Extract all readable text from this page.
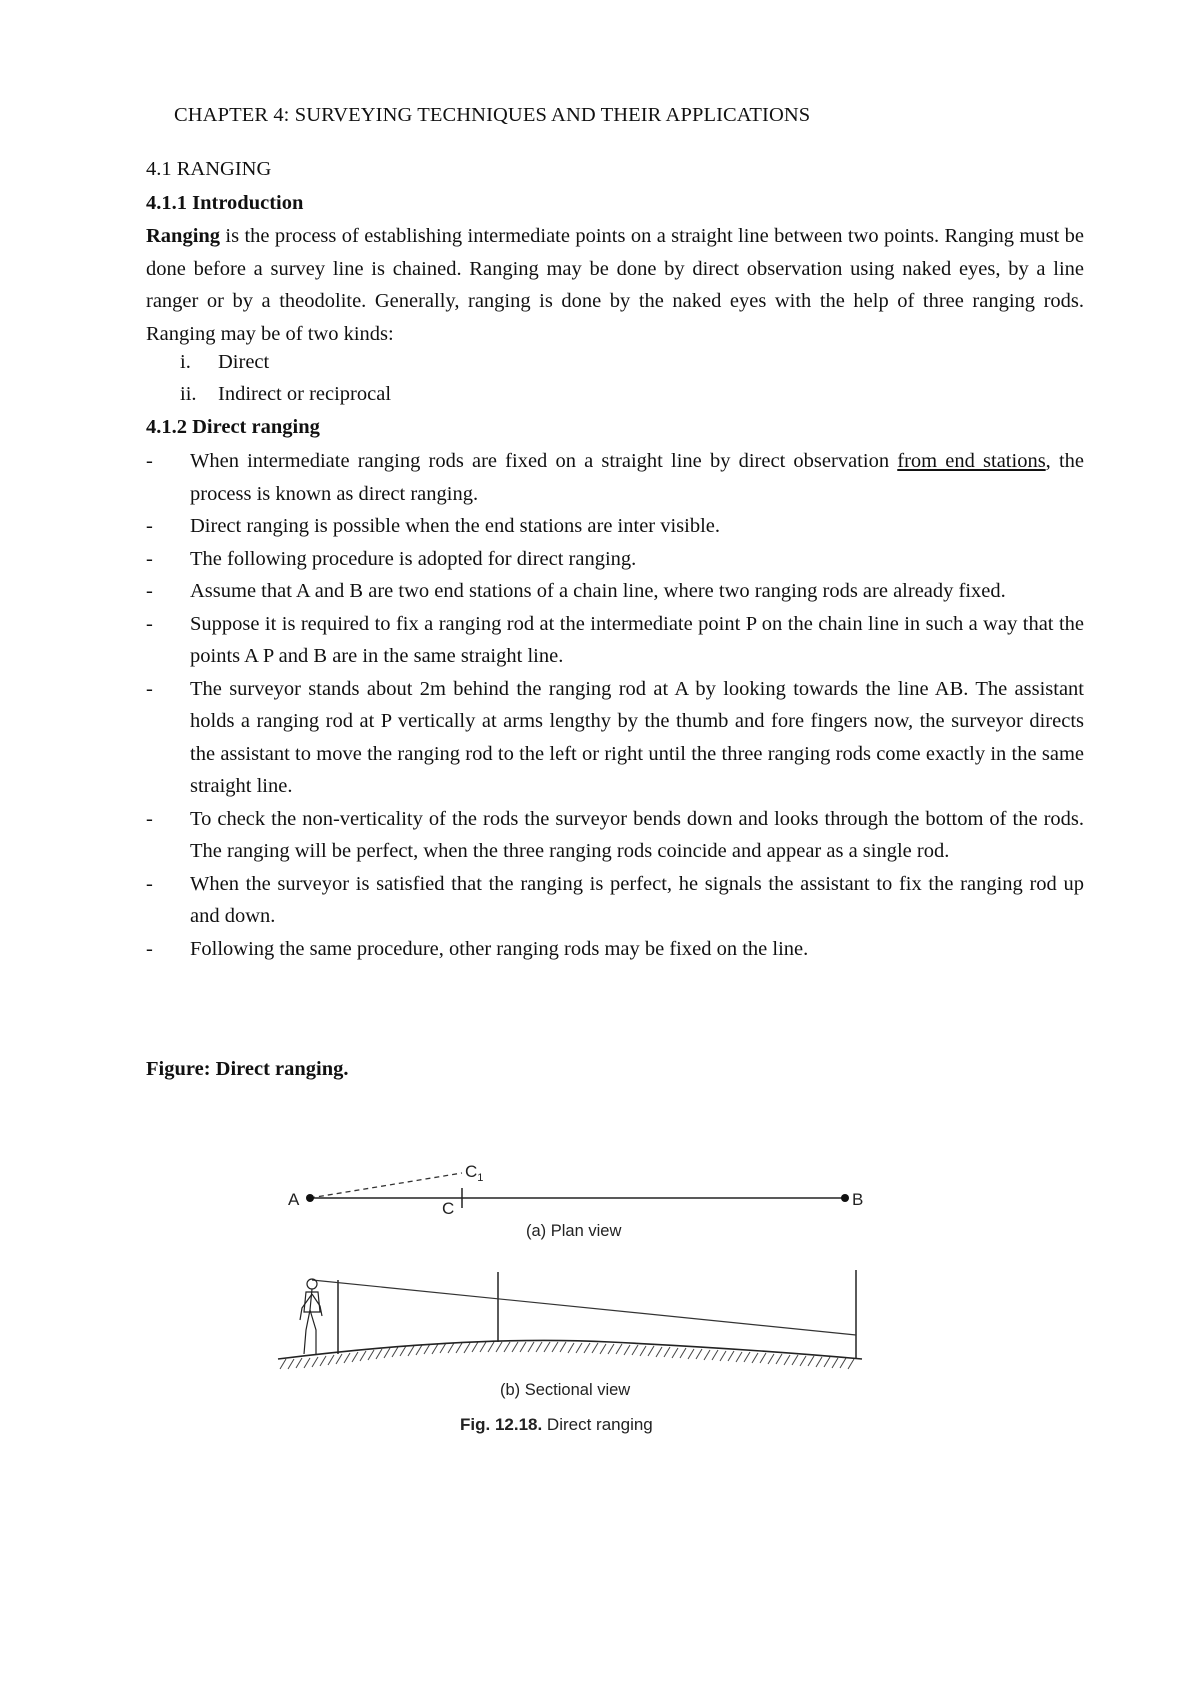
CHAPTER 4: SURVEYING TECHNIQUES AND THEIR APPLICATIONS
4.1 RANGING
4.1.1 Introduction
Ranging is the process of establishing intermediate points on a straight line between two points. Ranging must be done before a survey line is chained. Ranging may be done by direct observation using naked eyes, by a line ranger or by a theodolite. Generally, ranging is done by the naked eyes with the help of three ranging rods. Ranging may be of two kinds:
i. Direct
ii. Indirect or reciprocal
4.1.2 Direct ranging
- When intermediate ranging rods are fixed on a straight line by direct observation from end stations, the process is known as direct ranging.
- Direct ranging is possible when the end stations are inter visible.
- The following procedure is adopted for direct ranging.
- Assume that A and B are two end stations of a chain line, where two ranging rods are already fixed.
- Suppose it is required to fix a ranging rod at the intermediate point P on the chain line in such a way that the points A P and B are in the same straight line.
- The surveyor stands about 2m behind the ranging rod at A by looking towards the line AB. The assistant holds a ranging rod at P vertically at arms lengthy by the thumb and fore fingers now, the surveyor directs the assistant to move the ranging rod to the left or right until the three ranging rods come exactly in the same straight line.
- To check the non-verticality of the rods the surveyor bends down and looks through the bottom of the rods. The ranging will be perfect, when the three ranging rods coincide and appear as a single rod.
- When the surveyor is satisfied that the ranging is perfect, he signals the assistant to fix the ranging rod up and down.
- Following the same procedure, other ranging rods may be fixed on the line.
Figure: Direct ranging.
A	B
C
$C_1$
(a) Plan view
(b) Sectional view
Fig. 12.18. Direct ranging
